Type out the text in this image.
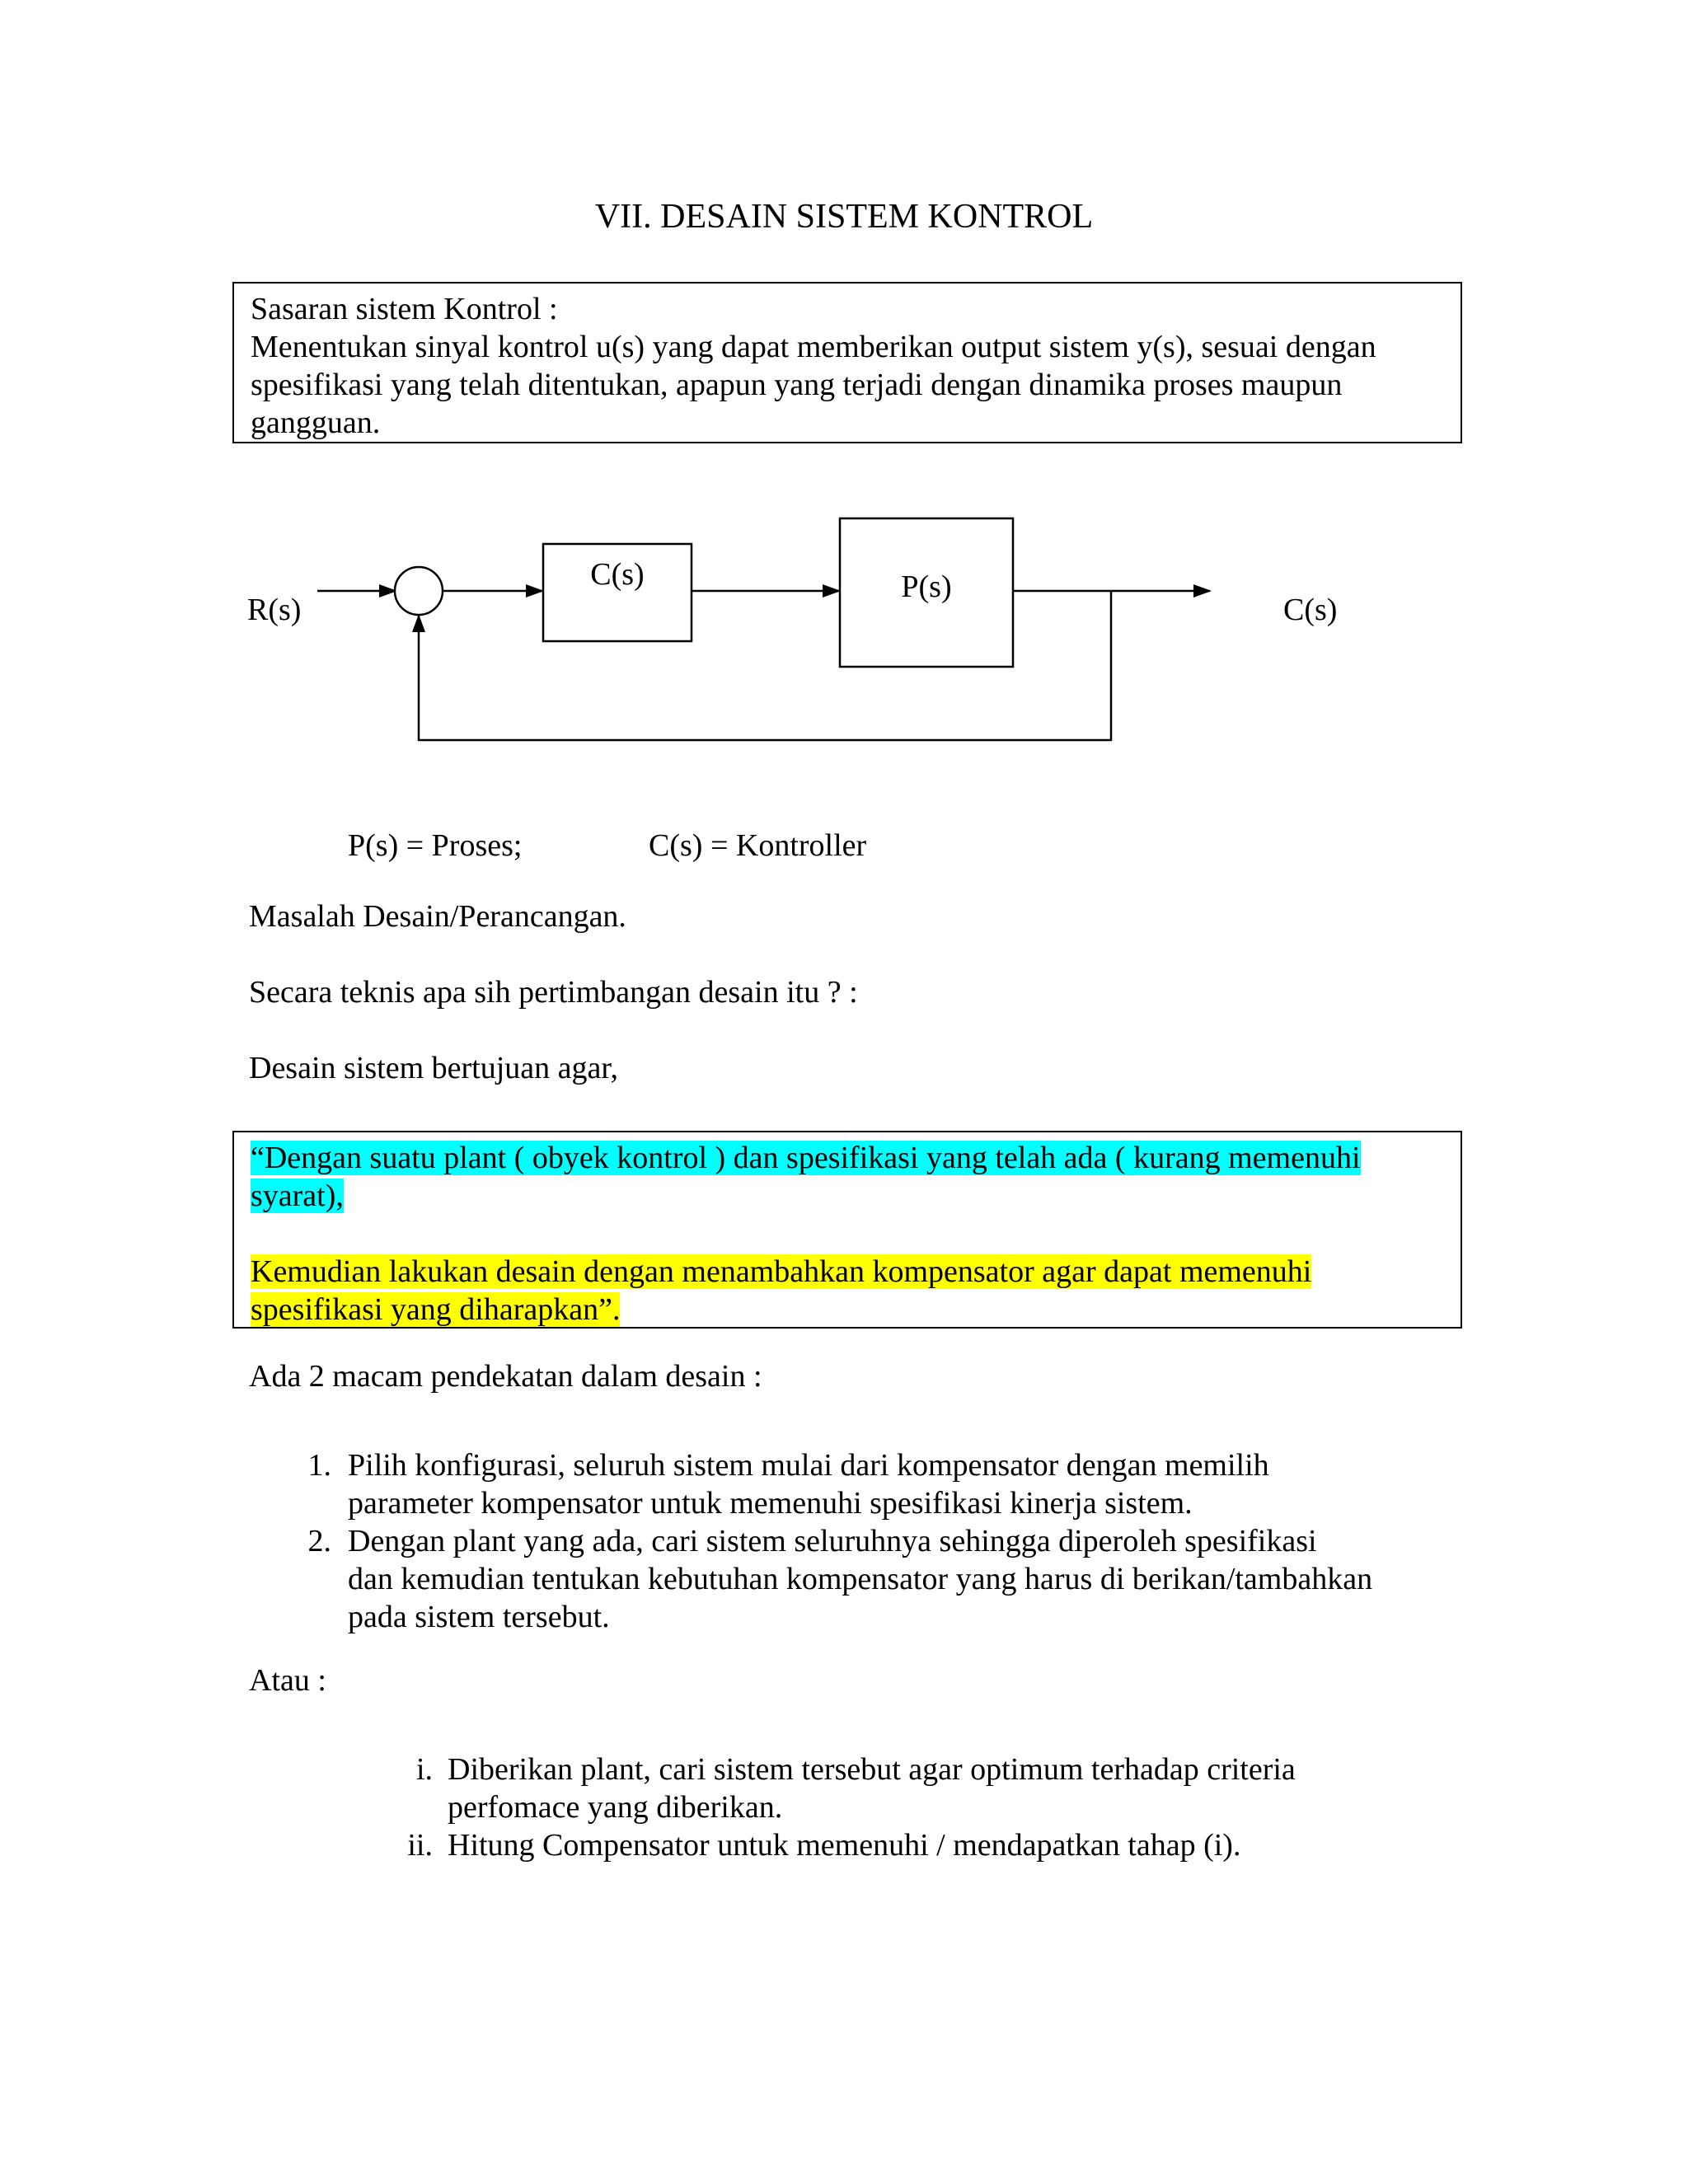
VII. DESAIN SISTEM KONTROL

Sasaran sistem Kontrol :

Menentukan sinyal kontrol u(s) yang dapat memberikan output sistem y(s), sesuai dengan

spesifikasi yang telah ditentukan, apapun yang terjadi dengan dinamika proses maupun

gangguan.

R(s)
C(s)	P(s)
C(s)
P(s) = Proses;	C(s) = Kontroller

Masalah Desain/Perancangan.

Secara teknis apa sih pertimbangan desain itu ? :

Desain sistem bertujuan agar,

“Dengan suatu plant ( obyek kontrol ) dan spesifikasi yang telah ada ( kurang memenuhi

syarat),

Kemudian lakukan desain dengan menambahkan kompensator agar dapat memenuhi

spesifikasi yang diharapkan”.

Ada 2 macam pendekatan dalam desain :

1. Pilih konfigurasi, seluruh sistem mulai dari kompensator dengan memilih
parameter kompensator untuk memenuhi spesifikasi kinerja sistem.
2. Dengan plant yang ada, cari sistem seluruhnya sehingga diperoleh spesifikasi
dan kemudian tentukan kebutuhan kompensator yang harus di berikan/tambahkan
pada sistem tersebut.

Atau :

i. Diberikan plant, cari sistem tersebut agar optimum terhadap criteria
perfomace yang diberikan.
ii. Hitung Compensator untuk memenuhi / mendapatkan tahap (i).
